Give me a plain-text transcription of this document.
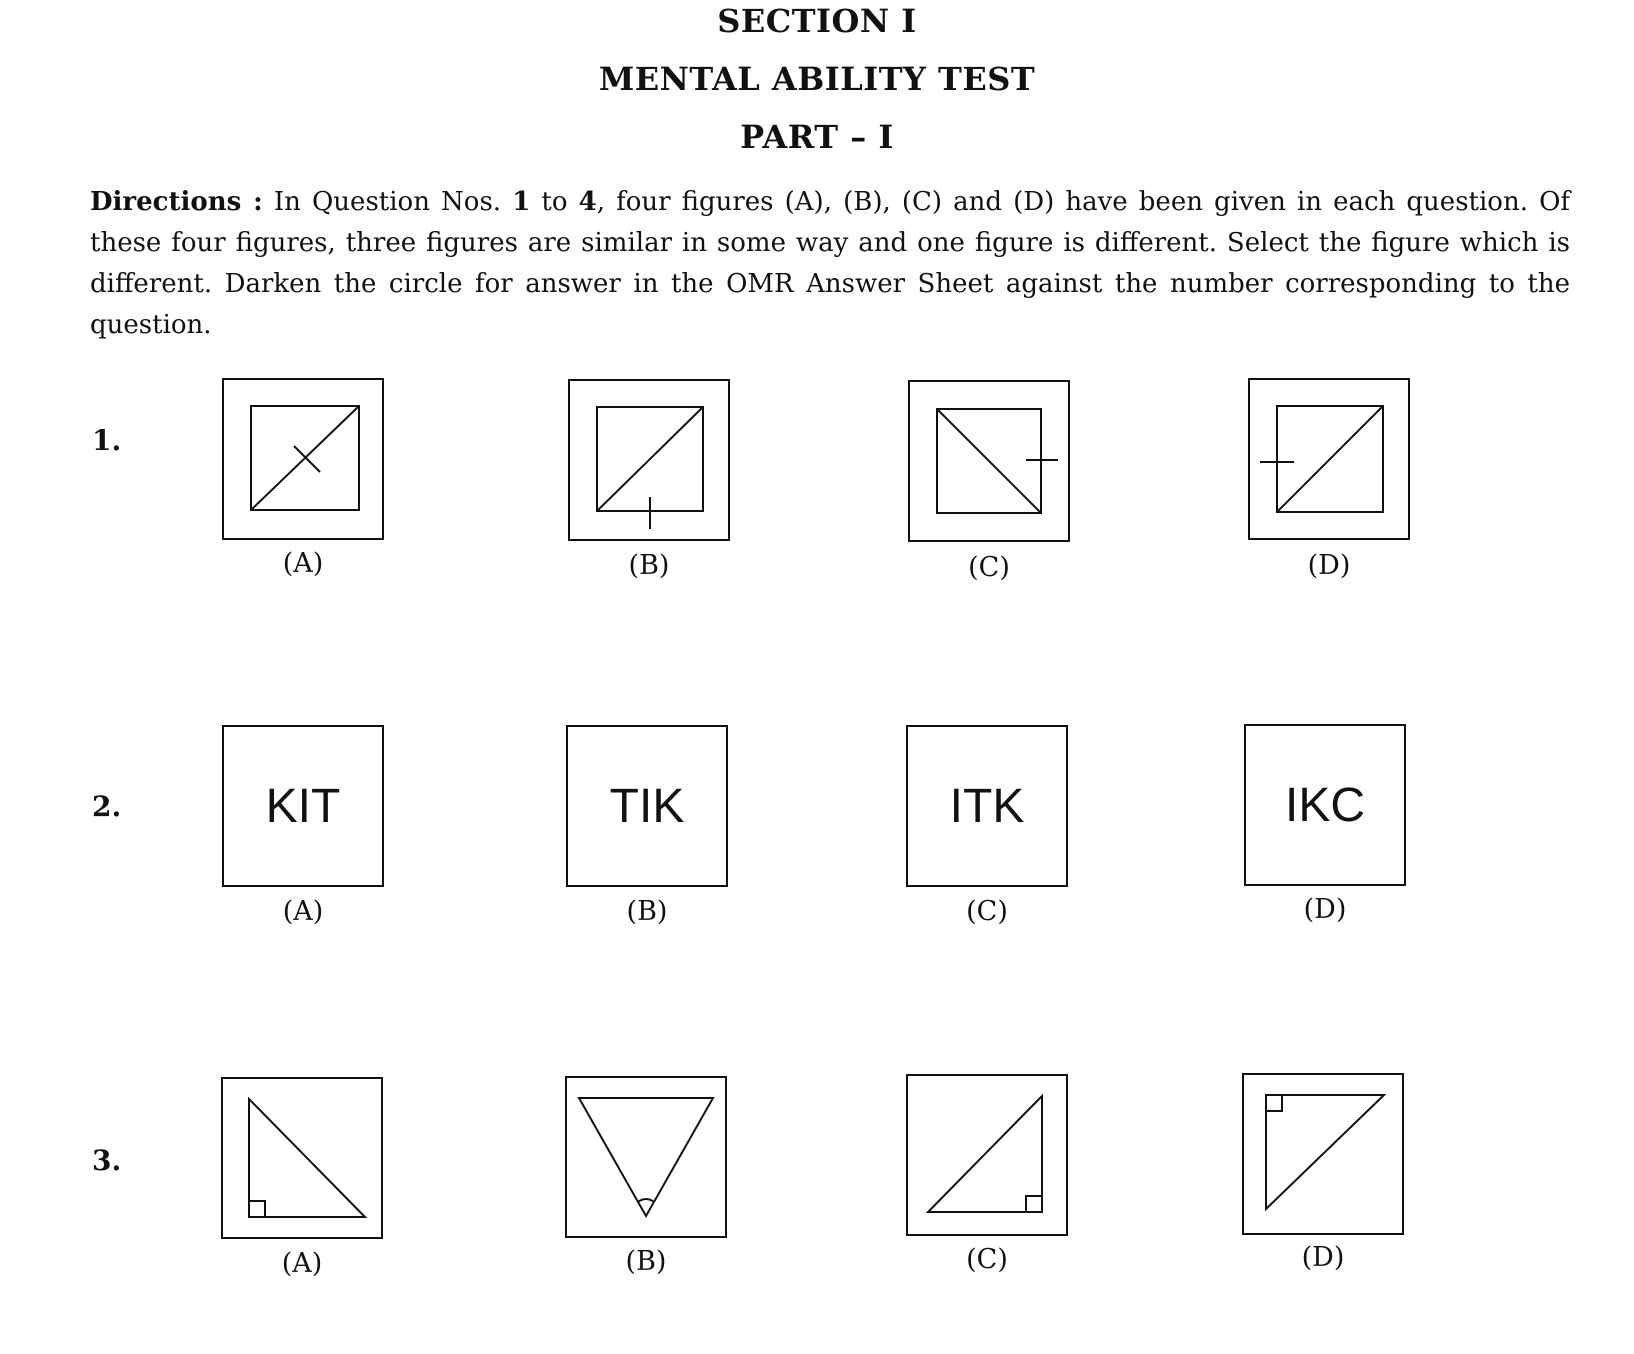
SECTION I
MENTAL ABILITY TEST
PART – I
Directions : In Question Nos. 1 to 4, four figures (A), (B), (C) and (D) have been given in each question. Of these four figures, three figures are similar in some way and one figure is different. Select the figure which is different. Darken the circle for answer in the OMR Answer Sheet against the number corresponding to the question.
1.
(A)	(B)	(C)	(D)
2.	KIT
(A)
TIK
(B)
ITK
(C)
IKC
(D)
3.
(A)	(B)	(C)	(D)
